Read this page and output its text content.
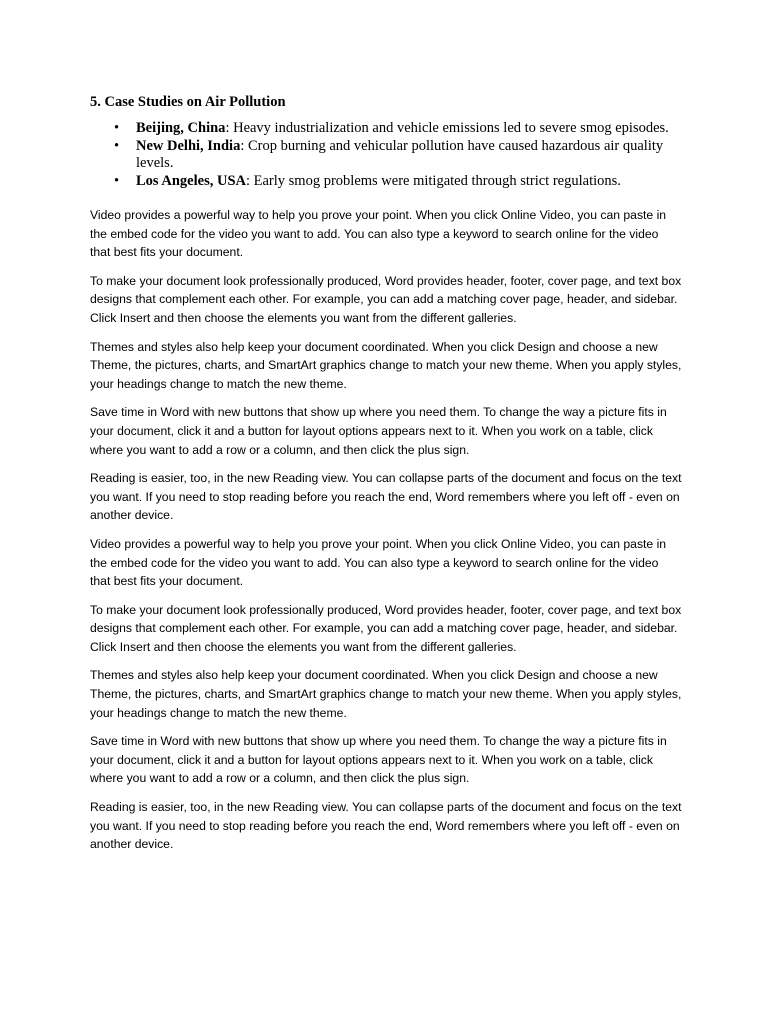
5. Case Studies on Air Pollution
• Beijing, China: Heavy industrialization and vehicle emissions led to severe smog episodes.
• New Delhi, India: Crop burning and vehicular pollution have caused hazardous air quality levels.
• Los Angeles, USA: Early smog problems were mitigated through strict regulations.

Video provides a powerful way to help you prove your point. When you click Online Video, you can paste in the embed code for the video you want to add. You can also type a keyword to search online for the video that best fits your document.

To make your document look professionally produced, Word provides header, footer, cover page, and text box designs that complement each other. For example, you can add a matching cover page, header, and sidebar. Click Insert and then choose the elements you want from the different galleries.

Themes and styles also help keep your document coordinated. When you click Design and choose a new Theme, the pictures, charts, and SmartArt graphics change to match your new theme. When you apply styles, your headings change to match the new theme.

Save time in Word with new buttons that show up where you need them. To change the way a picture fits in your document, click it and a button for layout options appears next to it. When you work on a table, click where you want to add a row or a column, and then click the plus sign.

Reading is easier, too, in the new Reading view. You can collapse parts of the document and focus on the text you want. If you need to stop reading before you reach the end, Word remembers where you left off - even on another device.

Video provides a powerful way to help you prove your point. When you click Online Video, you can paste in the embed code for the video you want to add. You can also type a keyword to search online for the video that best fits your document.

To make your document look professionally produced, Word provides header, footer, cover page, and text box designs that complement each other. For example, you can add a matching cover page, header, and sidebar. Click Insert and then choose the elements you want from the different galleries.

Themes and styles also help keep your document coordinated. When you click Design and choose a new Theme, the pictures, charts, and SmartArt graphics change to match your new theme. When you apply styles, your headings change to match the new theme.

Save time in Word with new buttons that show up where you need them. To change the way a picture fits in your document, click it and a button for layout options appears next to it. When you work on a table, click where you want to add a row or a column, and then click the plus sign.

Reading is easier, too, in the new Reading view. You can collapse parts of the document and focus on the text you want. If you need to stop reading before you reach the end, Word remembers where you left off - even on another device.
